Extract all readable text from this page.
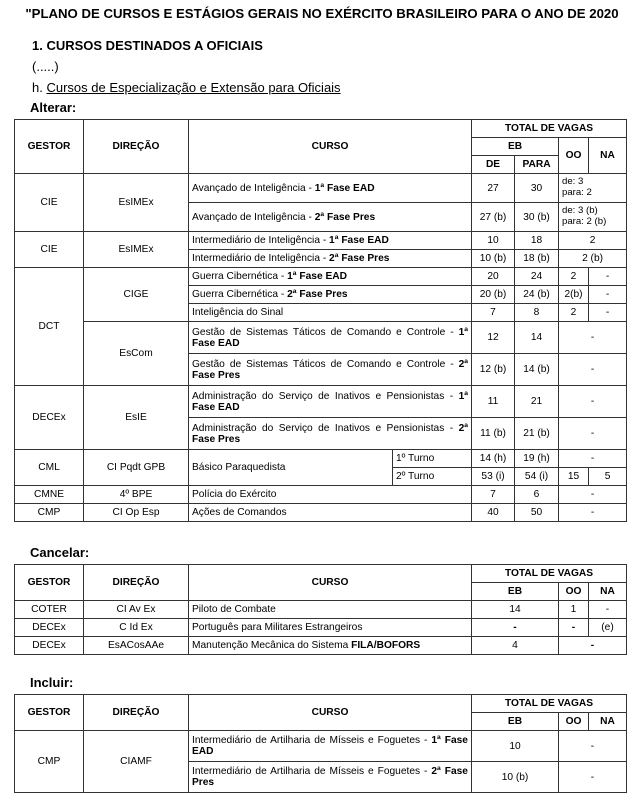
"PLANO DE CURSOS E ESTÁGIOS GERAIS NO EXÉRCITO BRASILEIRO PARA O ANO DE 2020
1. CURSOS DESTINADOS A OFICIAIS
(.....)
h. Cursos de Especialização e Extensão para Oficiais
Alterar:
GESTOR	DIREÇÃO	CURSO		TOTAL DE VAGAS			
				EB		OO	NA
				DE	PARA		
CIE	EsIMEx	Avançado de Inteligência - 1ª Fase EAD		27	30	de: 3
para: 2	

		Avançado de Inteligência - 2ª Fase Pres		27 (b)	30 (b)	de: 3 (b)
para: 2 (b)	

CIE	EsIMEx	Intermediário de Inteligência - 1ª Fase EAD		10	18	2	
		Intermediário de Inteligência - 2ª Fase Pres		10 (b)	18 (b)	2 (b)	
DCT	CIGE	Guerra Cibernética - 1ª Fase EAD		20	24	2	-
		Guerra Cibernética - 2ª Fase Pres		20 (b)	24 (b)	2(b)	-
		Inteligência do Sinal		7	8	2	-
	EsCom	Gestão de Sistemas Táticos de Comando e Controle - 1ª Fase EAD		12	14	-	
		Gestão de Sistemas Táticos de Comando e Controle - 2ª Fase Pres		12 (b)	14 (b)	-	
DECEx	EsIE	Administração do Serviço de Inativos e Pensionistas - 1ª Fase EAD		11	21	-	
		Administração do Serviço de Inativos e Pensionistas - 2ª Fase Pres		11 (b)	21 (b)	-	
CML	CI Pqdt GPB	Básico Paraquedista	1º Turno	14 (h)	19 (h)	-	
			2º Turno	53 (i)	54 (i)	15	5
CMNE	4º BPE	Polícia do Exército		7	6	-	
CMP	CI Op Esp	Ações de Comandos		40	50	-	
Cancelar:
GESTOR	DIREÇÃO	CURSO	TOTAL DE VAGAS		
			EB	OO	NA
COTER	CI Av Ex	Piloto de Combate	14	1	-
DECEx	C Id Ex	Português para Militares Estrangeiros	-	-	(e)
DECEx	EsACosAAe	Manutenção Mecânica do Sistema FILA/BOFORS	4	-	
Incluir:
GESTOR	DIREÇÃO	CURSO	TOTAL DE VAGAS		
			EB	OO	NA
CMP	CIAMF	Intermediário de Artilharia de Mísseis e Foguetes - 1ª Fase EAD	10	-	
		Intermediário de Artilharia de Mísseis e Foguetes - 2ª Fase Pres	10 (b)	-	
